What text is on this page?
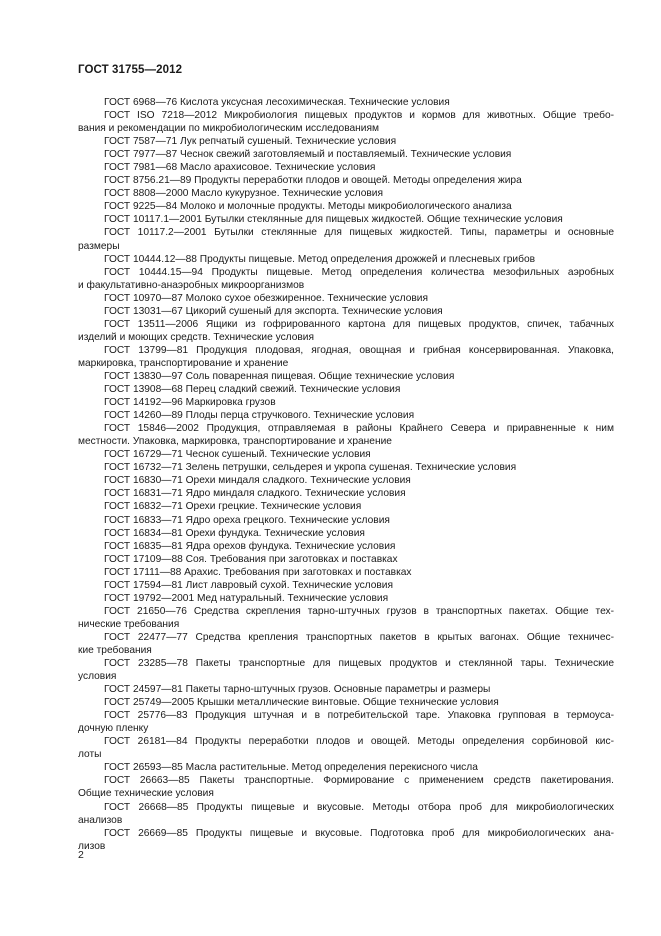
ГОСТ 31755—2012

ГОСТ 6968—76 Кислота уксусная лесохимическая. Технические условия

ГОСТ ISO 7218—2012 Микробиология пищевых продуктов и кормов для животных. Общие требо-
вания и рекомендации по микробиологическим исследованиям

ГОСТ 7587—71 Лук репчатый сушеный. Технические условия

ГОСТ 7977—87 Чеснок свежий заготовляемый и поставляемый. Технические условия

ГОСТ 7981—68 Масло арахисовое. Технические условия

ГОСТ 8756.21—89 Продукты переработки плодов и овощей. Методы определения жира

ГОСТ 8808—2000 Масло кукурузное. Технические условия

ГОСТ 9225—84 Молоко и молочные продукты. Методы микробиологического анализа

ГОСТ 10117.1—2001 Бутылки стеклянные для пищевых жидкостей. Общие технические условия

ГОСТ 10117.2—2001 Бутылки стеклянные для пищевых жидкостей. Типы, параметры и основные
размеры

ГОСТ 10444.12—88 Продукты пищевые. Метод определения дрожжей и плесневых грибов

ГОСТ 10444.15—94 Продукты пищевые. Метод определения количества мезофильных аэробных
и факультативно-анаэробных микроорганизмов

ГОСТ 10970—87 Молоко сухое обезжиренное. Технические условия

ГОСТ 13031—67 Цикорий сушеный для экспорта. Технические условия

ГОСТ 13511—2006 Ящики из гофрированного картона для пищевых продуктов, спичек, табачных
изделий и моющих средств. Технические условия

ГОСТ 13799—81 Продукция плодовая, ягодная, овощная и грибная консервированная. Упаковка,
маркировка, транспортирование и хранение

ГОСТ 13830—97 Соль поваренная пищевая. Общие технические условия

ГОСТ 13908—68 Перец сладкий свежий. Технические условия

ГОСТ 14192—96 Маркировка грузов

ГОСТ 14260—89 Плоды перца стручкового. Технические условия

ГОСТ 15846—2002 Продукция, отправляемая в районы Крайнего Севера и приравненные к ним
местности. Упаковка, маркировка, транспортирование и хранение

ГОСТ 16729—71 Чеснок сушеный. Технические условия

ГОСТ 16732—71 Зелень петрушки, сельдерея и укропа сушеная. Технические условия

ГОСТ 16830—71 Орехи миндаля сладкого. Технические условия

ГОСТ 16831—71 Ядро миндаля сладкого. Технические условия

ГОСТ 16832—71 Орехи грецкие. Технические условия

ГОСТ 16833—71 Ядро ореха грецкого. Технические условия

ГОСТ 16834—81 Орехи фундука. Технические условия

ГОСТ 16835—81 Ядра орехов фундука. Технические условия

ГОСТ 17109—88 Соя. Требования при заготовках и поставках

ГОСТ 17111—88 Арахис. Требования при заготовках и поставках

ГОСТ 17594—81 Лист лавровый сухой. Технические условия

ГОСТ 19792—2001 Мед натуральный. Технические условия

ГОСТ 21650—76 Средства скрепления тарно-штучных грузов в транспортных пакетах. Общие тех-
нические требования

ГОСТ 22477—77 Средства крепления транспортных пакетов в крытых вагонах. Общие техничес-
кие требования

ГОСТ 23285—78 Пакеты транспортные для пищевых продуктов и стеклянной тары. Технические
условия

ГОСТ 24597—81 Пакеты тарно-штучных грузов. Основные параметры и размеры

ГОСТ 25749—2005 Крышки металлические винтовые. Общие технические условия

ГОСТ 25776—83 Продукция штучная и в потребительской таре. Упаковка групповая в термоуса-
дочную пленку

ГОСТ 26181—84 Продукты переработки плодов и овощей. Методы определения сорбиновой кис-
лоты

ГОСТ 26593—85 Масла растительные. Метод определения перекисного числа

ГОСТ 26663—85 Пакеты транспортные. Формирование с применением средств пакетирования.
Общие технические условия

ГОСТ 26668—85 Продукты пищевые и вкусовые. Методы отбора проб для микробиологических
анализов

ГОСТ 26669—85 Продукты пищевые и вкусовые. Подготовка проб для микробиологических ана-
лизов

2
